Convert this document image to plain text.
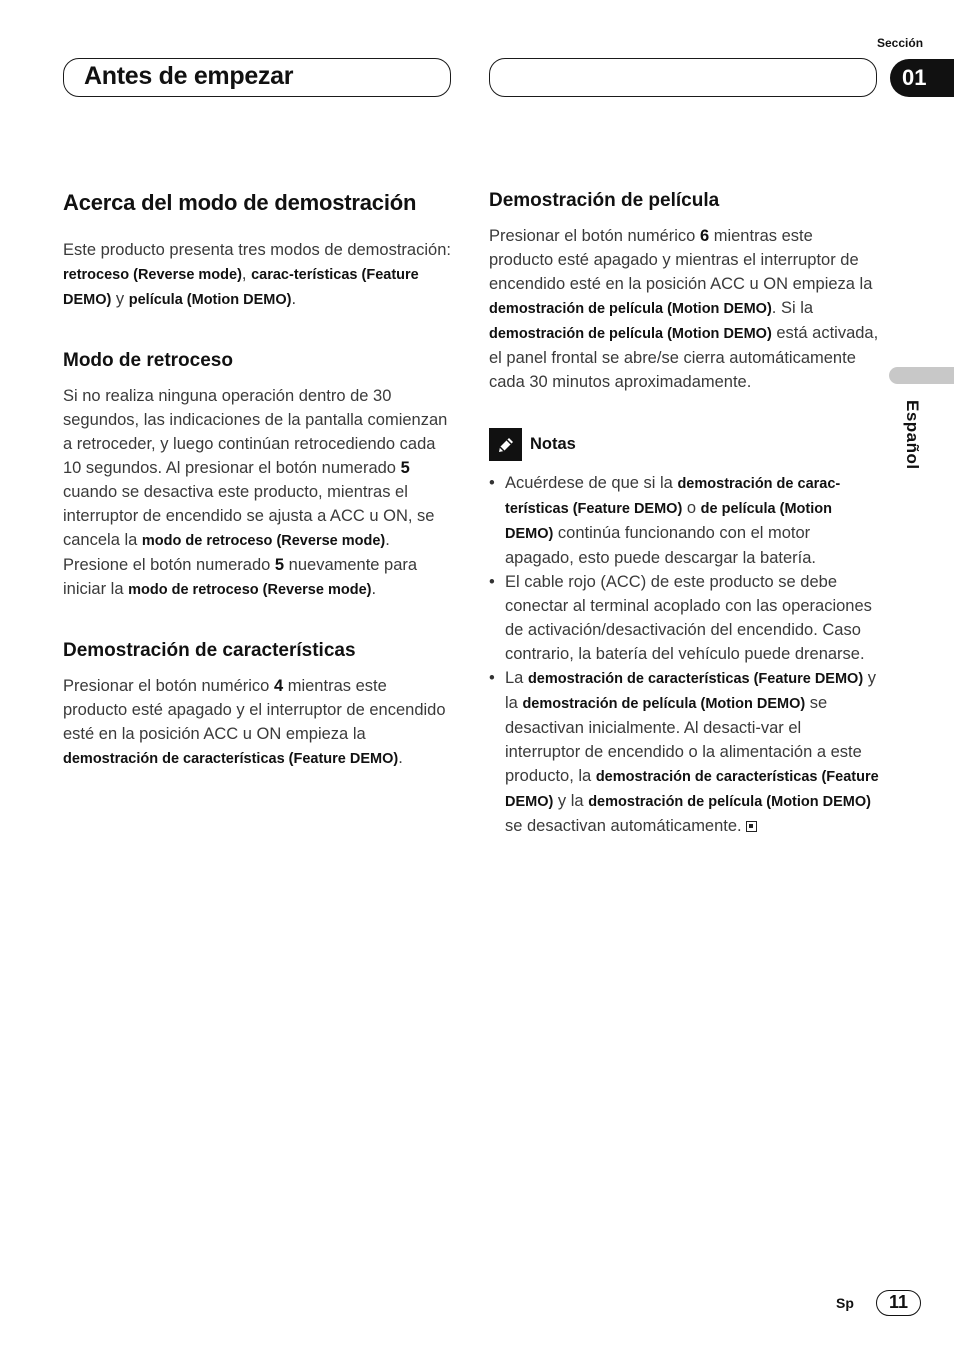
Antes de empezar
Sección
01
Español
Acerca del modo de demostración

Este producto presenta tres modos de demostración: retroceso (Reverse mode), carac-terísticas (Feature DEMO) y película (Motion DEMO).

Modo de retroceso

Si no realiza ninguna operación dentro de 30 segundos, las indicaciones de la pantalla comienzan a retroceder, y luego continúan retrocediendo cada 10 segundos. Al presionar el botón numerado 5 cuando se desactiva este producto, mientras el interruptor de encendido se ajusta a ACC u ON, se cancela la modo de retroceso (Reverse mode). Presione el botón numerado 5 nuevamente para iniciar la modo de retroceso (Reverse mode).

Demostración de características

Presionar el botón numérico 4 mientras este producto esté apagado y el interruptor de encendido esté en la posición ACC u ON empieza la demostración de características (Feature DEMO).

Demostración de película

Presionar el botón numérico 6 mientras este producto esté apagado y mientras el interruptor de encendido esté en la posición ACC u ON empieza la demostración de película (Motion DEMO). Si la demostración de película (Motion DEMO) está activada, el panel frontal se abre/se cierra automáticamente cada 30 minutos aproximadamente.

Notas
• Acuérdese de que si la demostración de carac-terísticas (Feature DEMO) o de película (Motion DEMO) continúa funcionando con el motor apagado, esto puede descargar la batería.
• El cable rojo (ACC) de este producto se debe conectar al terminal acoplado con las operaciones de activación/desactivación del encendido. Caso contrario, la batería del vehículo puede drenarse.
• La demostración de características (Feature DEMO) y la demostración de película (Motion DEMO) se desactivan inicialmente. Al desacti-var el interruptor de encendido o la alimentación a este producto, la demostración de características (Feature DEMO) y la demostración de película (Motion DEMO) se desactivan automáticamente.
Sp	11
